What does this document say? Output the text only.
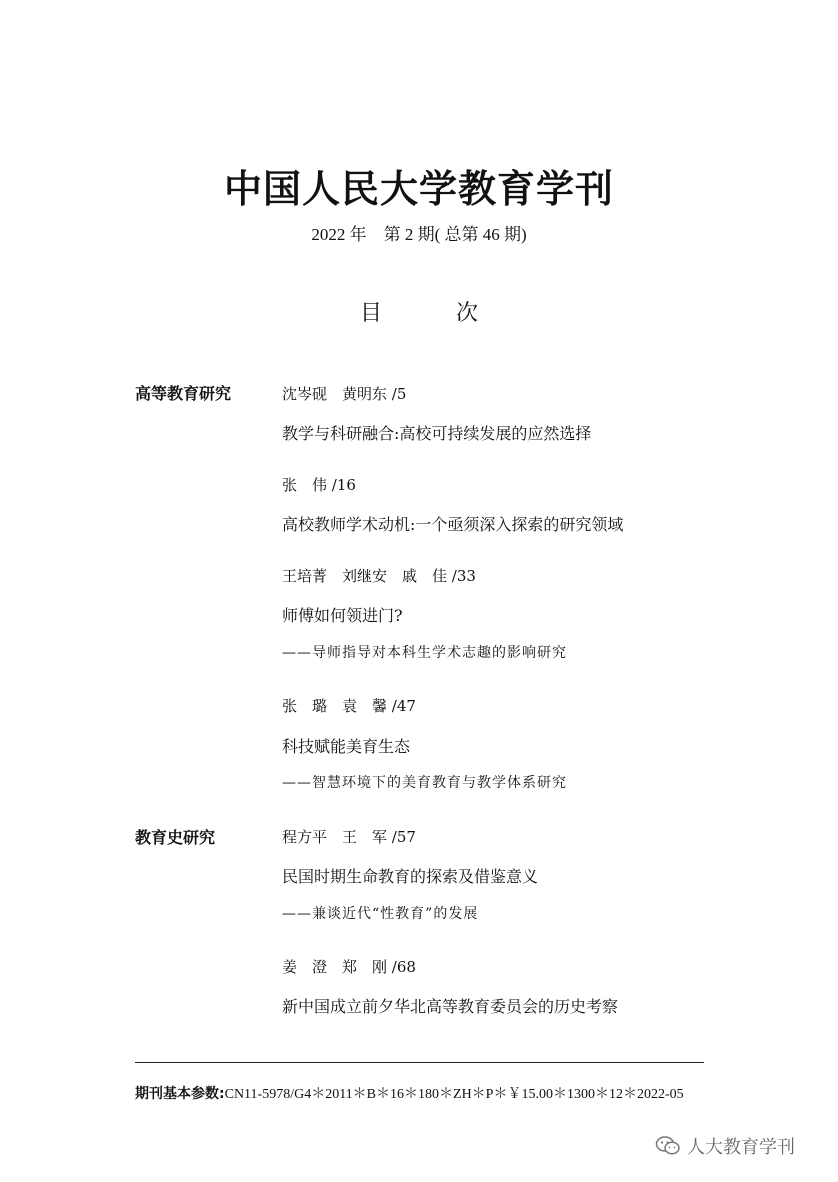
中国人民大学教育学刊
2022 年　第 2 期( 总第 46 期)
目　次
高等教育研究	沈岑砚　黄明东 /5
教学与科研融合:高校可持续发展的应然选择
张　伟 /16
高校教师学术动机:一个亟须深入探索的研究领域
王培菁　刘继安　戚　佳 /33
师傅如何领进门?
——导师指导对本科生学术志趣的影响研究
张　璐　袁　馨 /47
科技赋能美育生态
——智慧环境下的美育教育与教学体系研究
教育史研究	程方平　王　军 /57
民国时期生命教育的探索及借鉴意义
——兼谈近代“性教育”的发展
姜　澄　郑　刚 /68
新中国成立前夕华北高等教育委员会的历史考察
期刊基本参数:CN11-5978/G4＊2011＊B＊16＊180＊ZH＊P＊￥15.00＊1300＊12＊2022-05
人大教育学刊
